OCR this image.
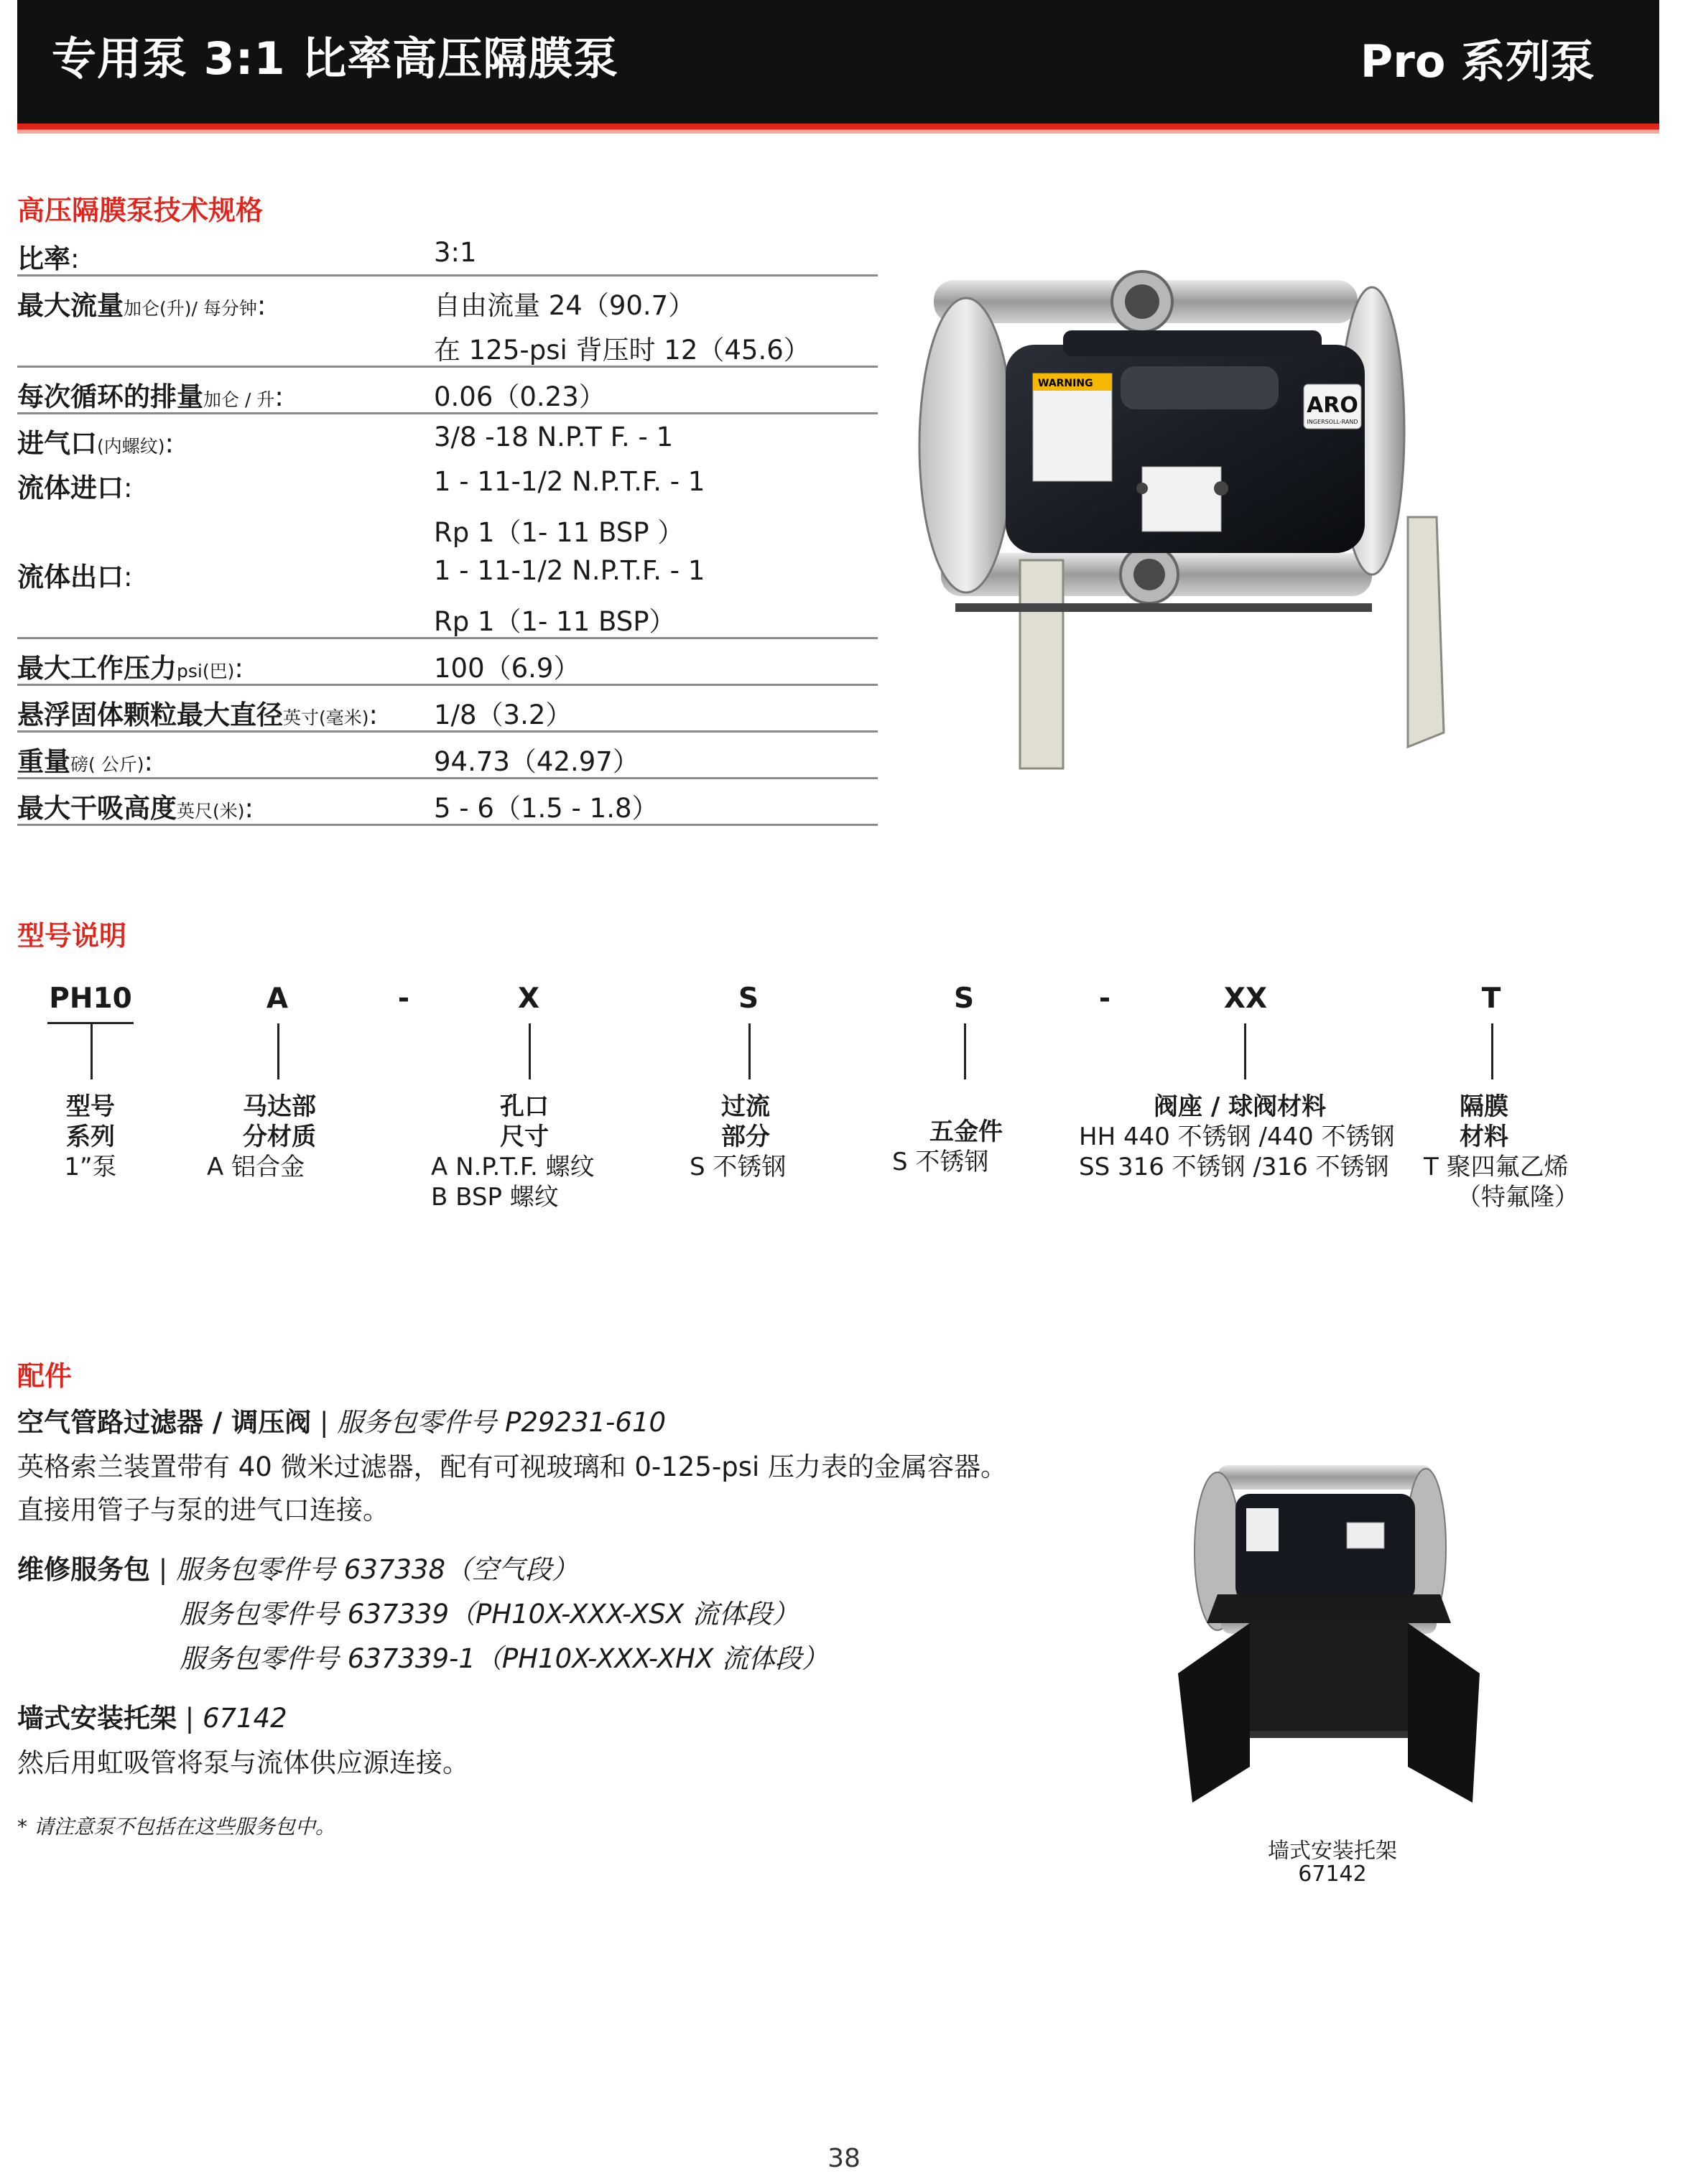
专用泵 3:1 比率高压隔膜泵	Pro 系列泵
高压隔膜泵技术规格
比率:	3:1
最大流量加仑(升)/ 每分钟:	自由流量 24（90.7）
在 125-psi 背压时 12（45.6）
每次循环的排量加仑 / 升:	0.06（0.23）
进气口(内螺纹):	3/8 -18 N.P.T F. - 1
流体进口:	1 - 11-1/2 N.P.T.F. - 1
Rp 1（1- 11 BSP ）
流体出口:	1 - 11-1/2 N.P.T.F. - 1
Rp 1（1- 11 BSP）
最大工作压力psi(巴):	100（6.9）
悬浮固体颗粒最大直径英寸(毫米): 1/8（3.2）
重量磅( 公斤):	94.73（42.97）
最大干吸高度英尺(米):	5 - 6（1.5 - 1.8）
WARNING
ARO
INGERSOLL-RAND
型号说明
PH10	A	-	X	S	S	-	XX	T
型号
系列
1”泵
马达部
分材质
A 铝合金
孔口
尺寸
A N.P.T.F. 螺纹
B BSP 螺纹
过流
部分
S 不锈钢
五金件
S 不锈钢
阀座 / 球阀材料
HH 440 不锈钢 /440 不锈钢
SS 316 不锈钢 /316 不锈钢
隔膜
材料
T 聚四氟乙烯
（特氟隆）
配件
空气管路过滤器 / 调压阀 | 服务包零件号 P29231-610
英格索兰装置带有 40 微米过滤器，配有可视玻璃和 0-125-psi 压力表的金属容器。
直接用管子与泵的进气口连接。
维修服务包 | 服务包零件号 637338（空气段）
服务包零件号 637339（PH10X-XXX-XSX 流体段）
服务包零件号 637339-1（PH10X-XXX-XHX 流体段）
墙式安装托架 | 67142
然后用虹吸管将泵与流体供应源连接。
* 请注意泵不包括在这些服务包中。
墙式安装托架
67142
38
